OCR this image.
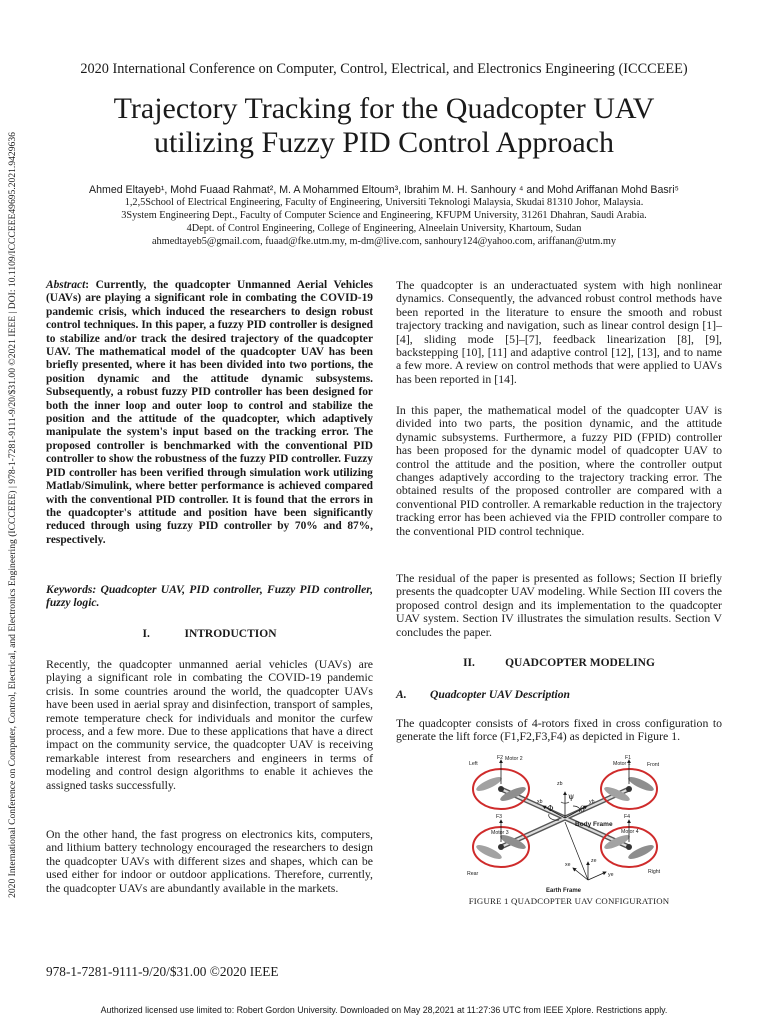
2020 International Conference on Computer, Control, Electrical, and Electronics Engineering (ICCCEEE)
Trajectory Tracking for the Quadcopter UAV
utilizing Fuzzy PID Control Approach
Ahmed Eltayeb¹, Mohd Fuaad Rahmat², M. A Mohammed Eltoum³, Ibrahim M. H. Sanhoury ⁴ and Mohd Ariffanan Mohd Basri⁵
1,2,5School of Electrical Engineering, Faculty of Engineering, Universiti Teknologi Malaysia, Skudai 81310 Johor, Malaysia.
3System Engineering Dept., Faculty of Computer Science and Engineering, KFUPM University, 31261 Dhahran, Saudi Arabia.
4Dept. of Control Engineering, College of Engineering, Alneelain University, Khartoum, Sudan
ahmedtayeb5@gmail.com, fuaad@fke.utm.my, m-dm@live.com, sanhoury124@yahoo.com, ariffanan@utm.my
2020 International Conference on Computer, Control, Electrical, and Electronics Engineering (ICCCEEE) | 978-1-7281-9111-9/20/$31.00 ©2021 IEEE | DOI: 10.1109/ICCCEEE49695.2021.9429636 Abstract: Currently, the quadcopter Unmanned Aerial Vehicles (UAVs) are playing a significant role in combating the COVID-19 pandemic crisis, which induced the researchers to design robust control techniques. In this paper, a fuzzy PID controller is designed to stabilize and/or track the desired trajectory of the quadcopter UAV. The mathematical model of the quadcopter UAV has been briefly presented, where it has been divided into two portions, the position dynamic and the attitude dynamic subsystems. Subsequently, a robust fuzzy PID controller has been designed for both the inner loop and outer loop to control and stabilize the position and the attitude of the quadcopter, which adaptively manipulate the system's input based on the tracking error. The proposed controller is benchmarked with the conventional PID controller to show the robustness of the fuzzy PID controller. Fuzzy PID controller has been verified through simulation work utilizing Matlab/Simulink, where better performance is achieved compared with the conventional PID controller. It is found that the errors in the quadcopter's attitude and position have been significantly reduced through using fuzzy PID controller by 70% and 87%, respectively.
Keywords: Quadcopter UAV, PID controller, Fuzzy PID controller, fuzzy logic.
I.	INTRODUCTION

Recently, the quadcopter unmanned aerial vehicles (UAVs) are playing a significant role in combating the COVID-19 pandemic crisis. In some countries around the world, the quadcopter UAVs have been used in aerial spray and disinfection, transport of samples, remote temperature check for individuals and monitor the curfew process, and a few more. Due to these applications that have a direct impact on the community service, the quadcopter UAV is receiving remarkable interest from researchers and engineers in terms of modeling and control design algorithms to enable it achieves the assigned tasks successfully.

On the other hand, the fast progress on electronics kits, computers, and lithium battery technology encouraged the researchers to design the quadcopter UAVs with different sizes and shapes, which can be used either for indoor or outdoor applications. Therefore, currently, the quadcopter UAVs are abundantly available in the markets.

The quadcopter is an underactuated system with high nonlinear dynamics. Consequently, the advanced robust control methods have been reported in the literature to ensure the smooth and robust trajectory tracking and navigation, such as linear control design [1]–[4], sliding mode [5]–[7], feedback linearization [8], [9], backstepping [10], [11] and adaptive control [12], [13], and to name a few more. A review on control methods that were applied to UAVs has been reported in [14].

In this paper, the mathematical model of the quadcopter UAV is divided into two parts, the position dynamic, and the attitude dynamic subsystems. Furthermore, a fuzzy PID (FPID) controller has been proposed for the dynamic model of quadcopter UAV to control the attitude and the position, where the controller output changes adaptively according to the trajectory tracking error. The obtained results of the proposed controller are compared with a conventional PID controller. A remarkable reduction in the trajectory tracking error has been achieved via the FPID controller compare to the conventional PID control technique.

The residual of the paper is presented as follows; Section II briefly presents the quadcopter UAV modeling. While Section III covers the proposed control design and its implementation to the quadcopter UAV system. Section IV illustrates the simulation results. Section V concludes the paper.

II.	QUADCOPTER MODELING
A. Quadcopter UAV Description

The quadcopter consists of 4-rotors fixed in cross configuration to generate the lift force (F1,F2,F3,F4) as depicted in Figure 1.

Left
Motor 2
F2
Front
Motor 1
F1
F3
Motor 3
F4
Motor 4
Rear	Right
zb
xb	yb
Earth Frame
ze
xe
ye
Body Frame
Φ
ψ
θ
FIGURE 1 QUADCOPTER UAV CONFIGURATION
978-1-7281-9111-9/20/$31.00 ©2020 IEEE
Authorized licensed use limited to: Robert Gordon University. Downloaded on May 28,2021 at 11:27:36 UTC from IEEE Xplore. Restrictions apply.
